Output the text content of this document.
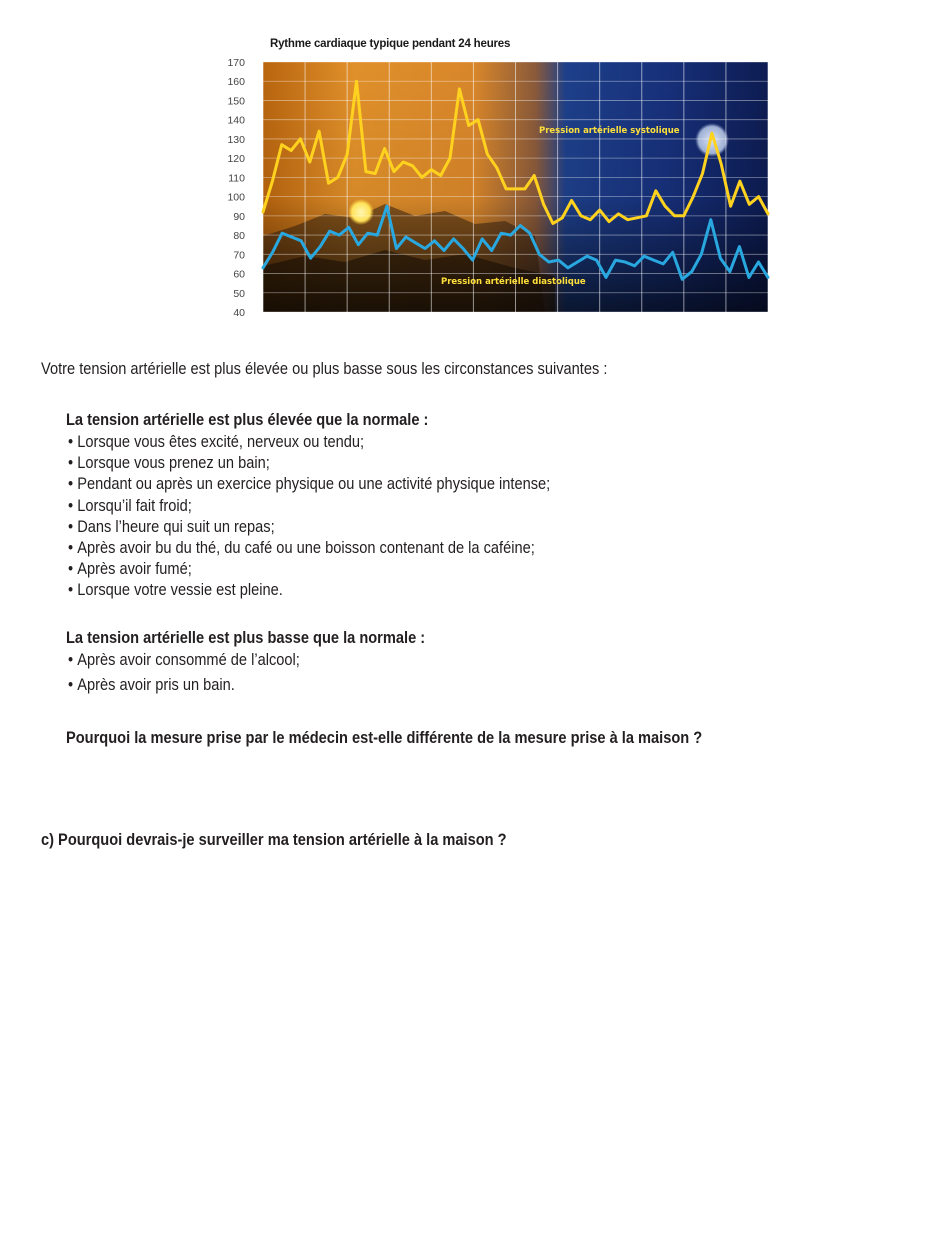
Rythme cardiaque typique pendant 24 heures
170
160
150
140
130
120
110
100
90
80
70
60
50
40
Pression artérielle systolique
Pression artérielle diastolique
Votre tension artérielle est plus élevée ou plus basse sous les circonstances suivantes :
La tension artérielle est plus élevée que la normale :
• Lorsque vous êtes excité, nerveux ou tendu;
• Lorsque vous prenez un bain;
• Pendant ou après un exercice physique ou une activité physique intense;
• Lorsqu’il fait froid;
• Dans l’heure qui suit un repas;
• Après avoir bu du thé, du café ou une boisson contenant de la caféine;
• Après avoir fumé;
• Lorsque votre vessie est pleine.
La tension artérielle est plus basse que la normale :
• Après avoir consommé de l’alcool;
• Après avoir pris un bain.
Pourquoi la mesure prise par le médecin est-elle différente de la mesure prise à la maison ?
c) Pourquoi devrais-je surveiller ma tension artérielle à la maison ?
